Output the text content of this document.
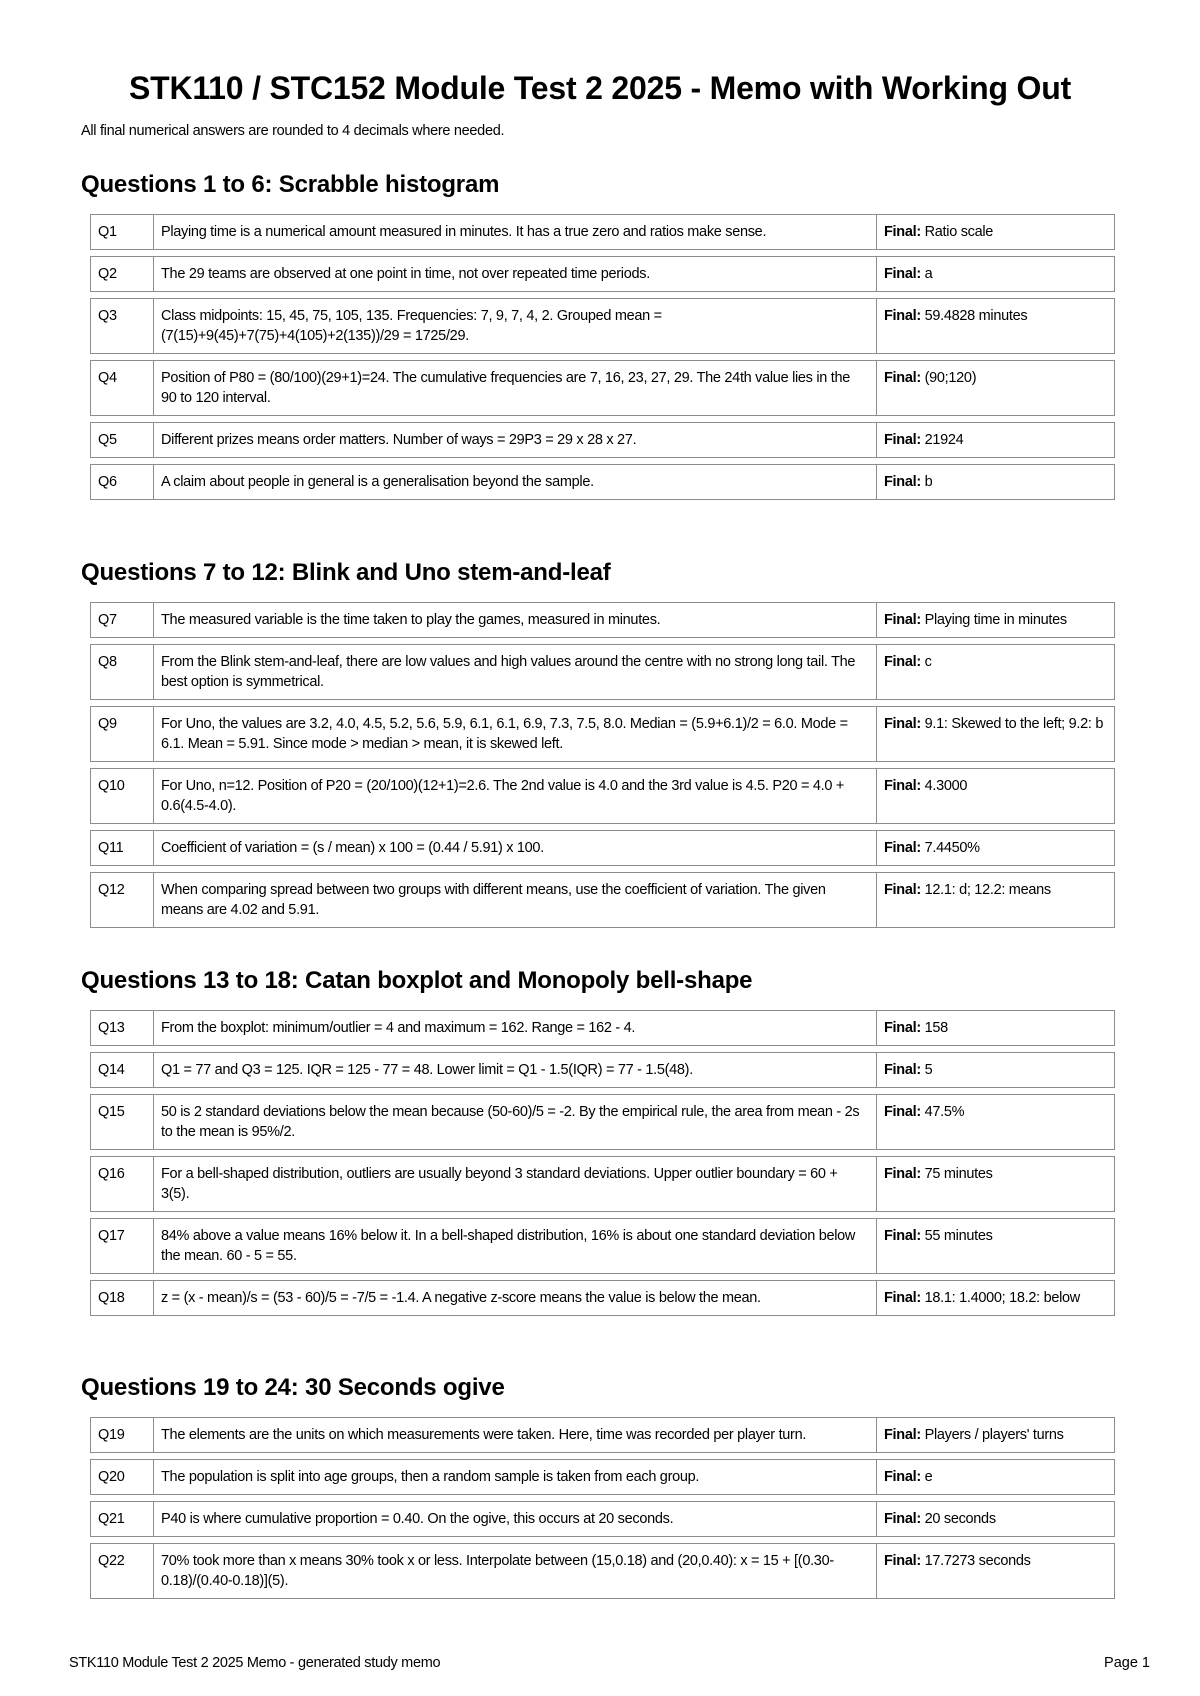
STK110 / STC152 Module Test 2 2025 - Memo with Working Out
All final numerical answers are rounded to 4 decimals where needed.
Questions 1 to 6: Scrabble histogram
Q1	Playing time is a numerical amount measured in minutes. It has a true zero and ratios make sense.	Final: Ratio scale
Q2	The 29 teams are observed at one point in time, not over repeated time periods.	Final: a
Q3	Class midpoints: 15, 45, 75, 105, 135. Frequencies: 7, 9, 7, 4, 2. Grouped mean = (7(15)+9(45)+7(75)+4(105)+2(135))/29 = 1725/29.	Final: 59.4828 minutes
Q4	Position of P80 = (80/100)(29+1)=24. The cumulative frequencies are 7, 16, 23, 27, 29. The 24th value lies in the 90 to 120 interval.	Final: (90;120)
Q5	Different prizes means order matters. Number of ways = 29P3 = 29 x 28 x 27.	Final: 21924
Q6	A claim about people in general is a generalisation beyond the sample.	Final: b
Questions 7 to 12: Blink and Uno stem-and-leaf
Q7	The measured variable is the time taken to play the games, measured in minutes.	Final: Playing time in minutes
Q8	From the Blink stem-and-leaf, there are low values and high values around the centre with no strong long tail. The best option is symmetrical.	Final: c
Q9	For Uno, the values are 3.2, 4.0, 4.5, 5.2, 5.6, 5.9, 6.1, 6.1, 6.9, 7.3, 7.5, 8.0. Median = (5.9+6.1)/2 = 6.0. Mode = 6.1. Mean = 5.91. Since mode > median > mean, it is skewed left.	Final: 9.1: Skewed to the left; 9.2: b
Q10	For Uno, n=12. Position of P20 = (20/100)(12+1)=2.6. The 2nd value is 4.0 and the 3rd value is 4.5. P20 = 4.0 + 0.6(4.5-4.0).	Final: 4.3000
Q11	Coefficient of variation = (s / mean) x 100 = (0.44 / 5.91) x 100.	Final: 7.4450%
Q12	When comparing spread between two groups with different means, use the coefficient of variation. The given means are 4.02 and 5.91.	Final: 12.1: d; 12.2: means
Questions 13 to 18: Catan boxplot and Monopoly bell-shape
Q13	From the boxplot: minimum/outlier = 4 and maximum = 162. Range = 162 - 4.	Final: 158
Q14	Q1 = 77 and Q3 = 125. IQR = 125 - 77 = 48. Lower limit = Q1 - 1.5(IQR) = 77 - 1.5(48).	Final: 5
Q15	50 is 2 standard deviations below the mean because (50-60)/5 = -2. By the empirical rule, the area from mean - 2s to the mean is 95%/2.	Final: 47.5%
Q16	For a bell-shaped distribution, outliers are usually beyond 3 standard deviations. Upper outlier boundary = 60 + 3(5).	Final: 75 minutes
Q17	84% above a value means 16% below it. In a bell-shaped distribution, 16% is about one standard deviation below the mean. 60 - 5 = 55.	Final: 55 minutes
Q18	z = (x - mean)/s = (53 - 60)/5 = -7/5 = -1.4. A negative z-score means the value is below the mean.	Final: 18.1: 1.4000; 18.2: below
Questions 19 to 24: 30 Seconds ogive
Q19	The elements are the units on which measurements were taken. Here, time was recorded per player turn.	Final: Players / players' turns
Q20	The population is split into age groups, then a random sample is taken from each group.	Final: e
Q21	P40 is where cumulative proportion = 0.40. On the ogive, this occurs at 20 seconds.	Final: 20 seconds
Q22	70% took more than x means 30% took x or less. Interpolate between (15,0.18) and (20,0.40): x = 15 + [(0.30-0.18)/(0.40-0.18)](5).	Final: 17.7273 seconds
STK110 Module Test 2 2025 Memo - generated study memo	Page 1
